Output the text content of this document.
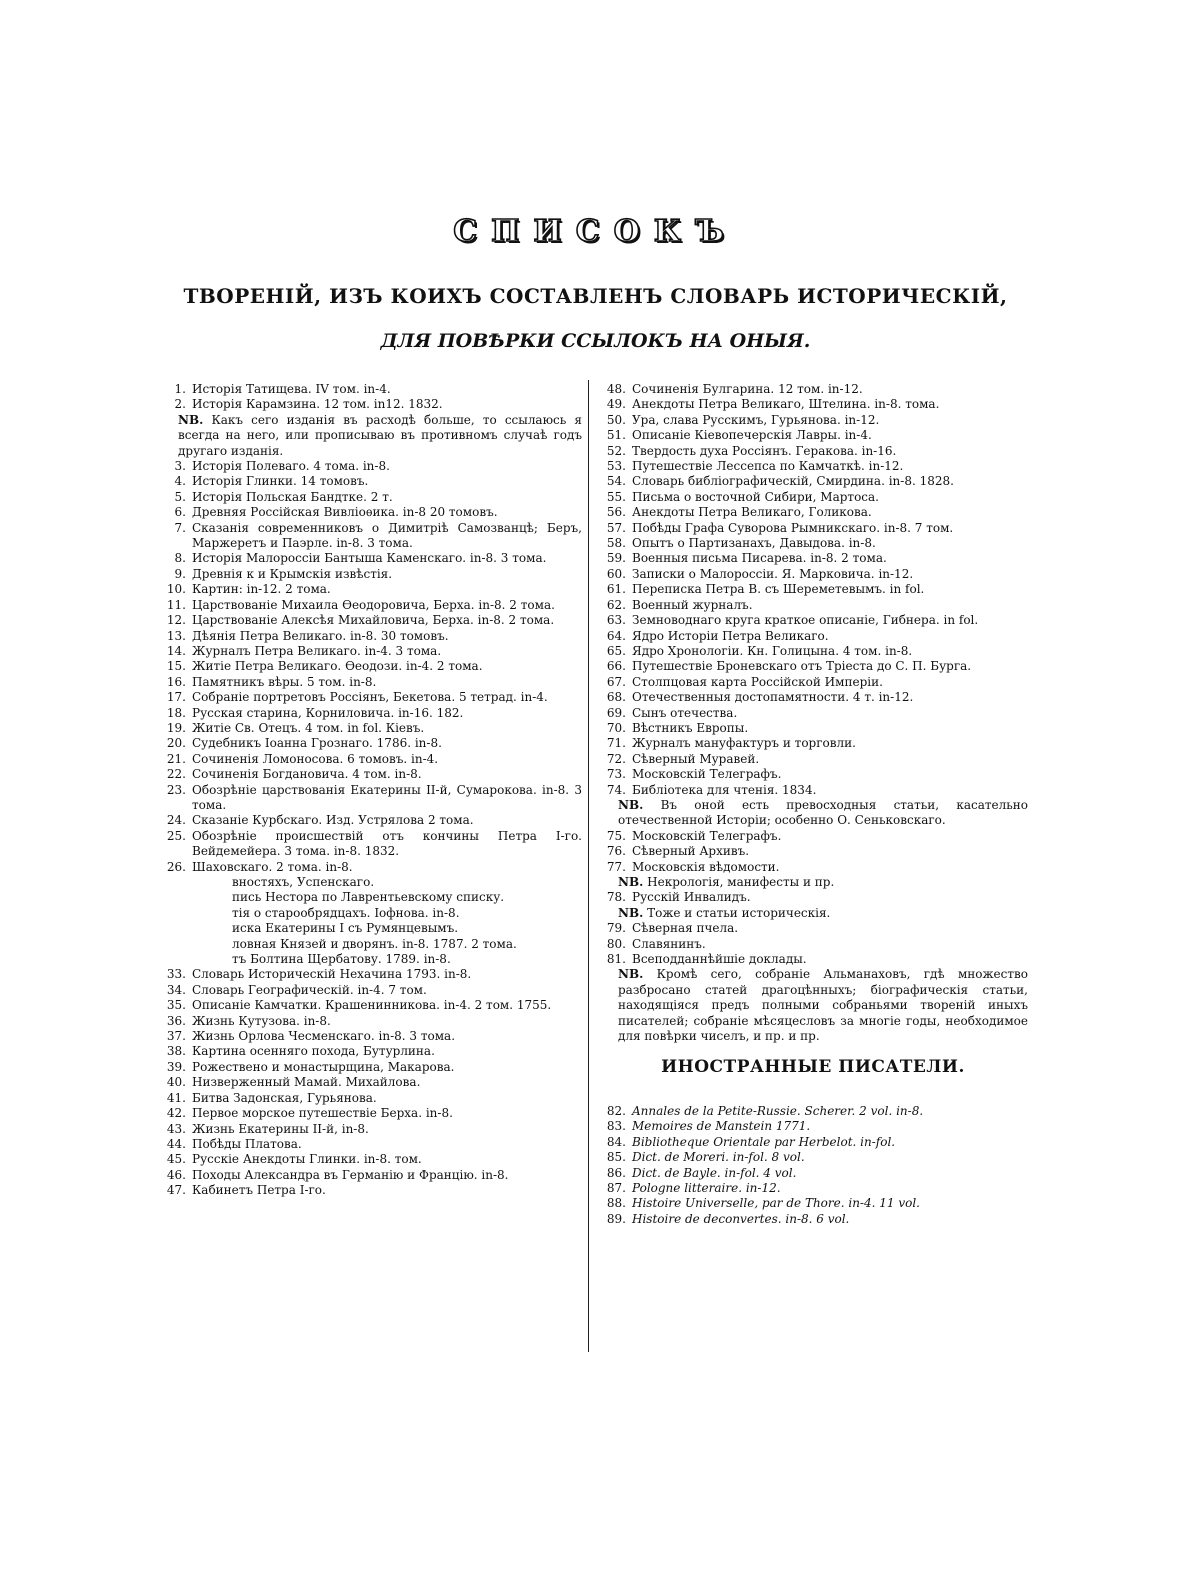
СПИСОКЪ
ТВОРЕНІЙ, ИЗЪ КОИХЪ СОСТАВЛЕНЪ СЛОВАРЬ ИСТОРИЧЕСКІЙ,
ДЛЯ ПОВѢРКИ ССЫЛОКЪ НА ОНЫЯ.
1. Исторія Татищева. IV том. in-4.
2. Исторія Карамзина. 12 том. in12. 1832.
NB. Какъ сего изданія въ расходѣ больше, то ссылаюсь я всегда на него, или прописываю въ противномъ случаѣ годъ другаго изданія.
3. Исторія Полеваго. 4 тома. in-8.
4. Исторія Глинки. 14 томовъ.
5. Исторія Польская Бандтке. 2 т.
6. Древняя Россійская Вивліоѳика. in-8 20 томовъ.
7. Сказанія современниковъ о Димитріѣ Самозванцѣ; Беръ, Маржеретъ и Паэрле. in-8. 3 тома.
8. Исторія Малороссіи Бантыша Каменскаго. in-8. 3 тома.
9. Древнія к и Крымскія извѣстія.
10. Картин: in-12. 2 тома.
11. Царствованіе Михаила Ѳеодоровича, Берха. in-8. 2 тома.
12. Царствованіе Алексѣя Михайловича, Берха. in-8. 2 тома.
13. Дѣянія Петра Великаго. in-8. 30 томовъ.
14. Журналъ Петра Великаго. in-4. 3 тома.
15. Житіе Петра Великаго. Ѳеодози. in-4. 2 тома.
16. Памятникъ вѣры. 5 том. in-8.
17. Собраніе портретовъ Россіянъ, Бекетова. 5 тетрад. in-4.
18. Русская старина, Корниловича. in-16. 182.
19. Житіе Св. Отецъ. 4 том. in fol. Кіевъ.
20. Судебникъ Іоанна Грознаго. 1786. in-8.
21. Сочиненія Ломоносова. 6 томовъ. in-4.
22. Сочиненія Богдановича. 4 том. in-8.
23. Обозрѣніе царствованія Екатерины II-й, Сумарокова. in-8. 3 тома.
24. Сказаніе Курбскаго. Изд. Устрялова 2 тома.
25. Обозрѣніе происшествій отъ кончины Петра I-го. Вейдемейера. 3 тома. in-8. 1832.
26. Шаховскаго. 2 тома. in-8.
вностяхъ, Успенскаго.
пись Нестора по Лаврентьевскому списку.
тія о старообрядцахъ. Іофнова. in-8.
иска Екатерины I съ Румянцевымъ.
ловная Князей и дворянъ. in-8. 1787. 2 тома.
тъ Болтина Щербатову. 1789. in-8.
33. Словарь Историческій Нехачина 1793. in-8.
34. Словарь Географическій. in-4. 7 том.
35. Описаніе Камчатки. Крашенинникова. in-4. 2 том. 1755.
36. Жизнь Кутузова. in-8.
37. Жизнь Орлова Чесменскаго. in-8. 3 тома.
38. Картина осенняго похода, Бутурлина.
39. Рожествено и монастырщина, Макарова.
40. Низверженный Мамай. Михайлова.
41. Битва Задонская, Гурьянова.
42. Первое морское путешествіе Берха. in-8.
43. Жизнь Екатерины II-й, in-8.
44. Побѣды Платова.
45. Русскіе Анекдоты Глинки. in-8. том.
46. Походы Александра въ Германію и Францію. in-8.
47. Кабинетъ Петра I-го.
48. Сочиненія Булгарина. 12 том. in-12.
49. Анекдоты Петра Великаго, Штелина. in-8. тома.
50. Ура, слава Русскимъ, Гурьянова. in-12.
51. Описаніе Кіевопечерскія Лавры. in-4.
52. Твердость духа Россіянъ. Геракова. in-16.
53. Путешествіе Лессепса по Камчаткѣ. in-12.
54. Словарь библіографическій, Смирдина. in-8. 1828.
55. Письма о восточной Сибири, Мартоса.
56. Анекдоты Петра Великаго, Голикова.
57. Побѣды Графа Суворова Рымникскаго. in-8. 7 том.
58. Опытъ о Партизанахъ, Давыдова. in-8.
59. Военныя письма Писарева. in-8. 2 тома.
60. Записки о Малороссіи. Я. Марковича. in-12.
61. Переписка Петра В. съ Шереметевымъ. in fol.
62. Военный журналъ.
63. Земноводнаго круга краткое описаніе, Гибнера. in fol.
64. Ядро Исторіи Петра Великаго.
65. Ядро Хронологіи. Кн. Голицына. 4 том. in-8.
66. Путешествіе Броневскаго отъ Тріеста до С. П. Бурга.
67. Столпцовая карта Россійской Имперіи.
68. Отечественныя достопамятности. 4 т. in-12.
69. Сынъ отечества.
70. Вѣстникъ Европы.
71. Журналъ мануфактуръ и торговли.
72. Сѣверный Муравей.
73. Московскій Телеграфъ.
74. Библіотека для чтенія. 1834.
NB. Въ оной есть превосходныя статьи, касательно отечественной Исторіи; особенно О. Сеньковскаго.
75. Московскій Телеграфъ.
76. Сѣверный Архивъ.
77. Московскія вѣдомости.
NB. Некрологія, манифесты и пр.
78. Русскій Инвалидъ.
NB. Тоже и статьи историческія.
79. Сѣверная пчела.
80. Славянинъ.
81. Всеподданнѣйшіе доклады.
NB. Кромѣ сего, собраніе Альманаховъ, гдѣ множество разбросано статей драгоцѣнныхъ; біографическія статьи, находящіяся предъ полными собраньями твореній иныхъ писателей; собраніе мѣсяцесловъ за многіе годы, необходимое для повѣрки чиселъ, и пр. и пр.
ИНОСТРАННЫЕ ПИСАТЕЛИ.
82. Annales de la Petite-Russie. Scherer. 2 vol. in-8.
83. Memoires de Manstein 1771.
84. Bibliotheque Orientale par Herbelot. in-fol.
85. Dict. de Moreri. in-fol. 8 vol.
86. Dict. de Bayle. in-fol. 4 vol.
87. Pologne litteraire. in-12.
88. Histoire Universelle, par de Thore. in-4. 11 vol.
89. Histoire de deconvertes. in-8. 6 vol.
